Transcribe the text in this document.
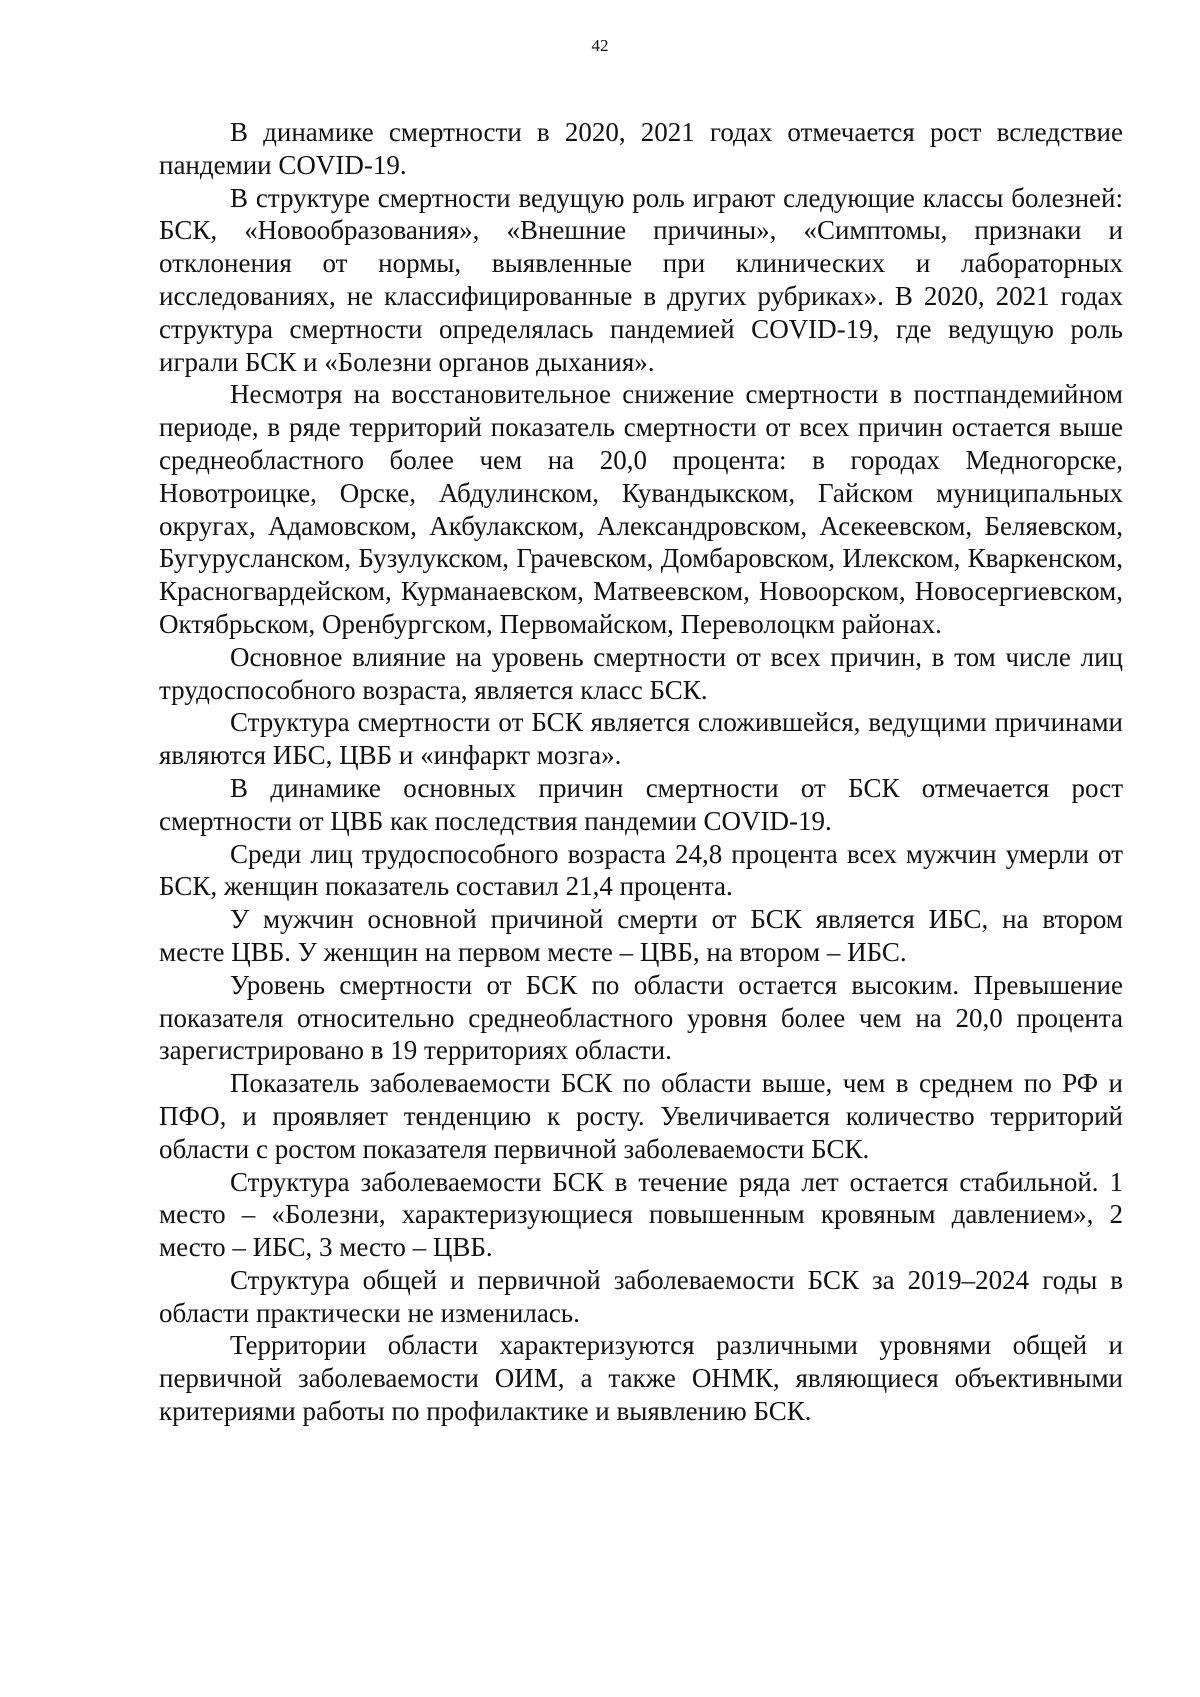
42

В динамике смертности в 2020, 2021 годах отмечается рост вследствие пандемии COVID-19.

В структуре смертности ведущую роль играют следующие классы болезней: БСК, «Новообразования», «Внешние причины», «Симптомы, признаки и отклонения от нормы, выявленные при клинических и лабораторных исследованиях, не классифицированные в других рубриках». В 2020, 2021 годах структура смертности определялась пандемией COVID-19, где ведущую роль играли БСК и «Болезни органов дыхания».

Несмотря на восстановительное снижение смертности в постпандемийном периоде, в ряде территорий показатель смертности от всех причин остается выше среднеобластного более чем на 20,0 процента: в городах Медногорске, Новотроицке, Орске, Абдулинском, Кувандыкском, Гайском муниципальных округах, Адамовском, Акбулакском, Александровском, Асекеевском, Беляевском, Бугурусланском, Бузулукском, Грачевском, Домбаровском, Илекском, Кваркенском, Красногвардейском, Курманаевском, Матвеевском, Новоорском, Новосергиевском, Октябрьском, Оренбургском, Первомайском, Переволоцкм районах.

Основное влияние на уровень смертности от всех причин, в том числе лиц трудоспособного возраста, является класс БСК.

Структура смертности от БСК является сложившейся, ведущими причинами являются ИБС, ЦВБ и «инфаркт мозга».

В динамике основных причин смертности от БСК отмечается рост смертности от ЦВБ как последствия пандемии COVID-19.

Среди лиц трудоспособного возраста 24,8 процента всех мужчин умерли от БСК, женщин показатель составил 21,4 процента.

У мужчин основной причиной смерти от БСК является ИБС, на втором месте ЦВБ. У женщин на первом месте – ЦВБ, на втором – ИБС.

Уровень смертности от БСК по области остается высоким. Превышение показателя относительно среднеобластного уровня более чем на 20,0 процента зарегистрировано в 19 территориях области.

Показатель заболеваемости БСК по области выше, чем в среднем по РФ и ПФО, и проявляет тенденцию к росту. Увеличивается количество территорий области с ростом показателя первичной заболеваемости БСК.

Структура заболеваемости БСК в течение ряда лет остается стабильной. 1 место – «Болезни, характеризующиеся повышенным кровяным давлением», 2 место – ИБС, 3 место – ЦВБ.

Структура общей и первичной заболеваемости БСК за 2019–2024 годы в области практически не изменилась.

Территории области характеризуются различными уровнями общей и первичной заболеваемости ОИМ, а также ОНМК, являющиеся объективными критериями работы по профилактике и выявлению БСК.
